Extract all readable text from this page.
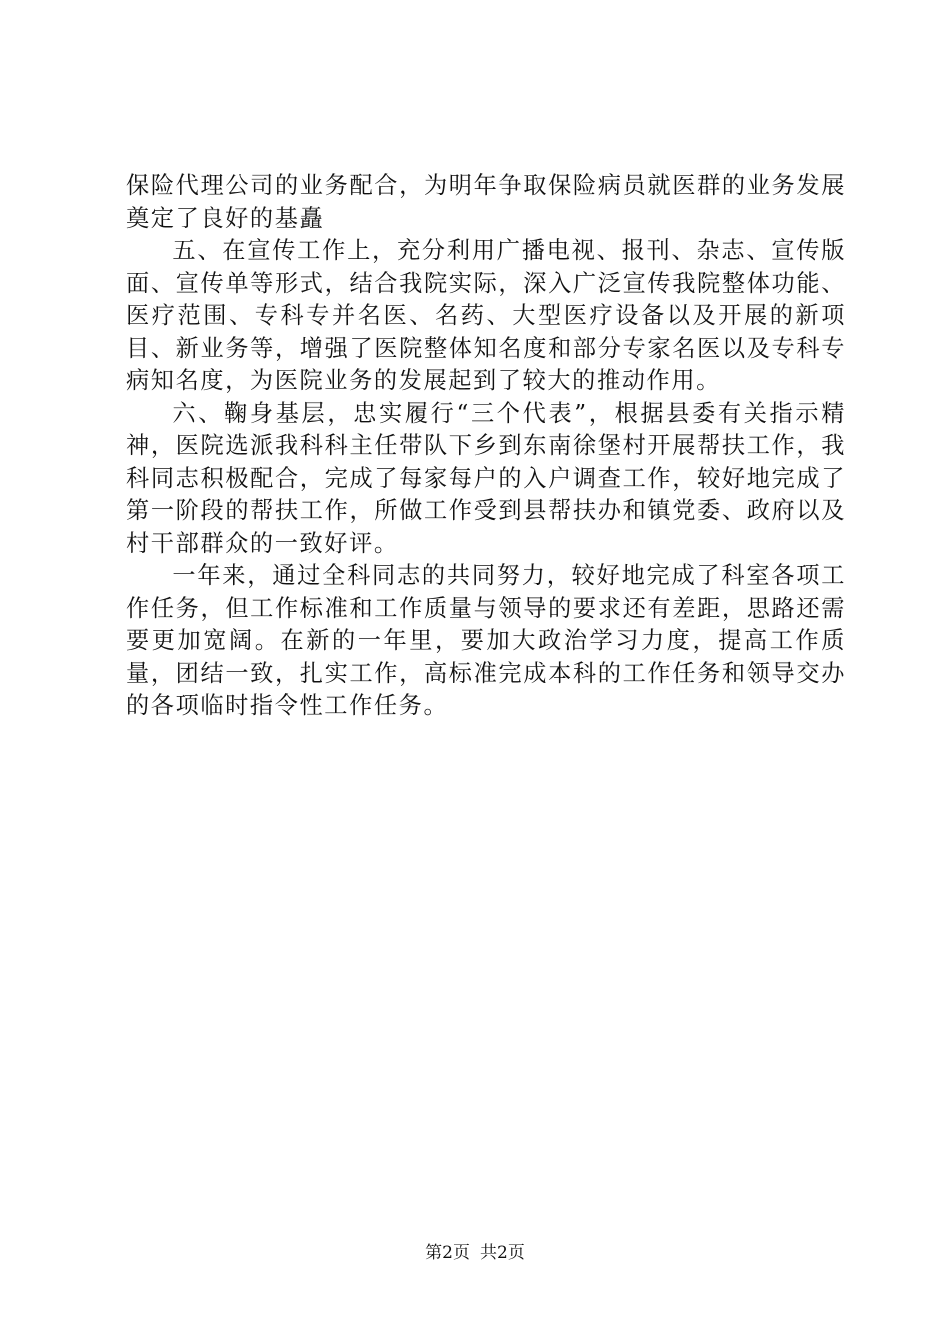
保险代理公司的业务配合，为明年争取保险病员就医群的业务发展奠定了良好的基矗

五、在宣传工作上，充分利用广播电视、报刊、杂志、宣传版面、宣传单等形式，结合我院实际，深入广泛宣传我院整体功能、医疗范围、专科专并名医、名药、大型医疗设备以及开展的新项目、新业务等，增强了医院整体知名度和部分专家名医以及专科专病知名度，为医院业务的发展起到了较大的推动作用。

六、鞠身基层，忠实履行“三个代表”，根据县委有关指示精神，医院选派我科科主任带队下乡到东南徐堡村开展帮扶工作，我科同志积极配合，完成了每家每户的入户调查工作，较好地完成了第一阶段的帮扶工作，所做工作受到县帮扶办和镇党委、政府以及村干部群众的一致好评。

一年来，通过全科同志的共同努力，较好地完成了科室各项工作任务，但工作标准和工作质量与领导的要求还有差距，思路还需要更加宽阔。在新的一年里，要加大政治学习力度，提高工作质量，团结一致，扎实工作，高标准完成本科的工作任务和领导交办的各项临时指令性工作任务。

第2页 共2页
